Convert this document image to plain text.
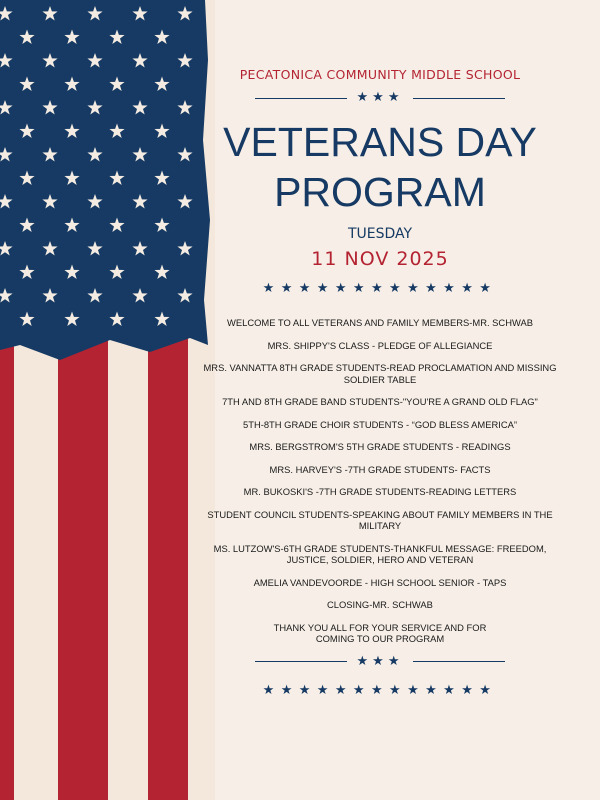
PECATONICA COMMUNITY MIDDLE SCHOOL
★★★
VETERANS DAY
PROGRAM
TUESDAY
11 NOV 2025
★★★★★★★★★★★★★
WELCOME TO ALL VETERANS AND FAMILY MEMBERS-MR. SCHWAB
MRS. SHIPPY'S CLASS - PLEDGE OF ALLEGIANCE
MRS. VANNATTA 8TH GRADE STUDENTS-READ PROCLAMATION AND MISSING SOLDIER TABLE
7TH AND 8TH GRADE BAND STUDENTS-"YOU'RE A GRAND OLD FLAG"
5TH-8TH GRADE CHOIR STUDENTS - “GOD BLESS AMERICA”
MRS. BERGSTROM'S 5TH GRADE STUDENTS - READINGS
MRS. HARVEY'S -7TH GRADE STUDENTS- FACTS
MR. BUKOSKI'S -7TH GRADE STUDENTS-READING LETTERS
STUDENT COUNCIL STUDENTS-SPEAKING ABOUT FAMILY MEMBERS IN THE MILITARY
MS. LUTZOW'S-6TH GRADE STUDENTS-THANKFUL MESSAGE: FREEDOM, JUSTICE, SOLDIER, HERO AND VETERAN
AMELIA VANDEVOORDE - HIGH SCHOOL SENIOR - TAPS
CLOSING-MR. SCHWAB
THANK YOU ALL FOR YOUR SERVICE AND FOR COMING TO OUR PROGRAM
★★★
★★★★★★★★★★★★★
